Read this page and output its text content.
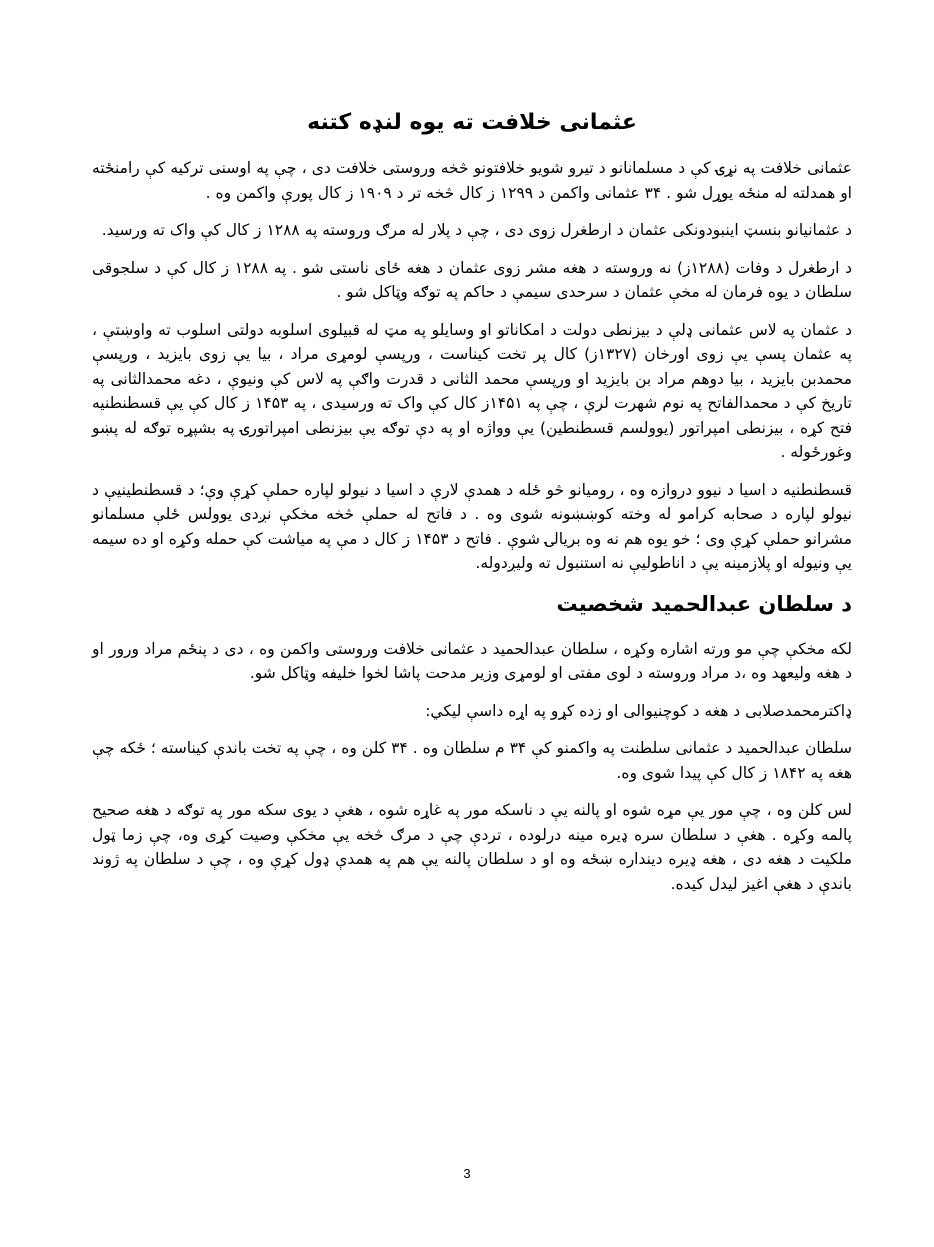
عثمانی خلافت ته یوه لنډه کتنه

عثمانی خلافت په نړۍ کې د مسلمانانو د تیرو شویو خلافتونو څخه وروستی خلافت دی ، چې په اوسنی ترکیه کې رامنځته او همدلته له منځه یوړل شو . ۳۴ عثمانی واکمن د ۱۲۹۹ ز کال څخه تر د ۱۹۰۹ ز کال پورې واکمن وه .

د عثمانیانو بنسټ اینبودونکی عثمان د ارطغرل زوی دی ، چې د پلار له مرګ وروسته په ۱۲۸۸ ز کال کې واک ته ورسید.

د ارطغرل د وفات (۱۲۸۸ز) نه وروسته د هغه مشر زوی عثمان د هغه ځای ناستی شو . په ۱۲۸۸ ز کال کې د سلجوقی سلطان د یوه فرمان له مخې عثمان د سرحدی سیمې د حاکم په توګه وټاکل شو .

د عثمان په لاس عثمانی ډلې د بیزنطی دولت د امکاناتو او وسایلو په مټ له قبیلوی اسلوبه دولتی اسلوب ته واوښتې ، په عثمان پسې یې زوی اورخان (۱۳۲۷ز) کال پر تخت کیناست ، ورپسې لومړی مراد ، بیا یې زوی بایزید ، ورپسې محمدبن بایزید ، بیا دوهم مراد بن بایزید او ورپسې محمد الثانی د قدرت واګې په لاس کې ونیوې ، دغه محمدالثانی په تاریخ کې د محمدالفاتح په نوم شهرت لرې ، چې په ۱۴۵۱ز کال کې واک ته ورسیدی ، په ۱۴۵۳ ز کال کې یې قسطنطنیه فتح کړه ، بیزنطی امپراتور (یوولسم قسطنطین) یې وواژه او په دې توګه یې بیزنطی امپراتورۍ په بشپړه توګه له پښو وغورځوله .

قسطنطنیه د اسیا د نیوو دروازه وه ، رومیانو څو ځله د همدې لارې د اسیا د نیولو لپاره حملې کړې وې؛ د قسطنطینیې د نیولو لپاره د صحابه کرامو له وخته کوښښونه شوی وه . د فاتح له حملې څخه مخکې نږدی یوولس ځلې مسلمانو مشرانو حملې کړې وی ؛ خو یوه هم نه وه بریالۍ شوې . فاتح د ۱۴۵۳ ز کال د مې په میاشت کې حمله وکړه او ده سیمه یې ونیوله او پلازمینه یې د اناطولیې نه استنبول ته ولیږدوله.

د سلطان عبدالحمید شخصیت

لکه مخکې چې مو ورته اشاره وکړه ، سلطان عبدالحمید د عثمانی خلافت وروستی واکمن وه ، دی د پنځم مراد ورور او د هغه ولیعهد وه ،د مراد وروسته د لوی مفتی او لومړی وزیر مدحت پاشا لخوا خلیفه وټاکل شو.

ډاکترمحمدصلابی د هغه د کوچنیوالی او زده کړو په اړه داسې لیکي:

سلطان عبدالحمید د عثمانی سلطنت په واکمنو کې ۳۴ م سلطان وه . ۳۴ کلن وه ، چې په تخت باندې کیناسته ؛ ځکه چې هغه په ۱۸۴۲ ز کال کې پیدا شوی وه.

لس کلن وه ، چې مور یې مړه شوه او پالنه یې د ناسکه مور په غاړه شوه ، هغې د یوی سکه مور په توګه د هغه صحیح پالمه وکړه . هغې د سلطان سره ډیره مینه درلوده ، تردې چې د مرګ څخه یې مخکې وصیت کړی وه، چې زما ټول ملکیت د هغه دی ، هغه ډیره دینداره ښځه وه او د سلطان پالنه یې هم په همدې ډول کړې وه ، چې د سلطان په ژوند باندې د هغې اغیز لیدل کیده.

3
